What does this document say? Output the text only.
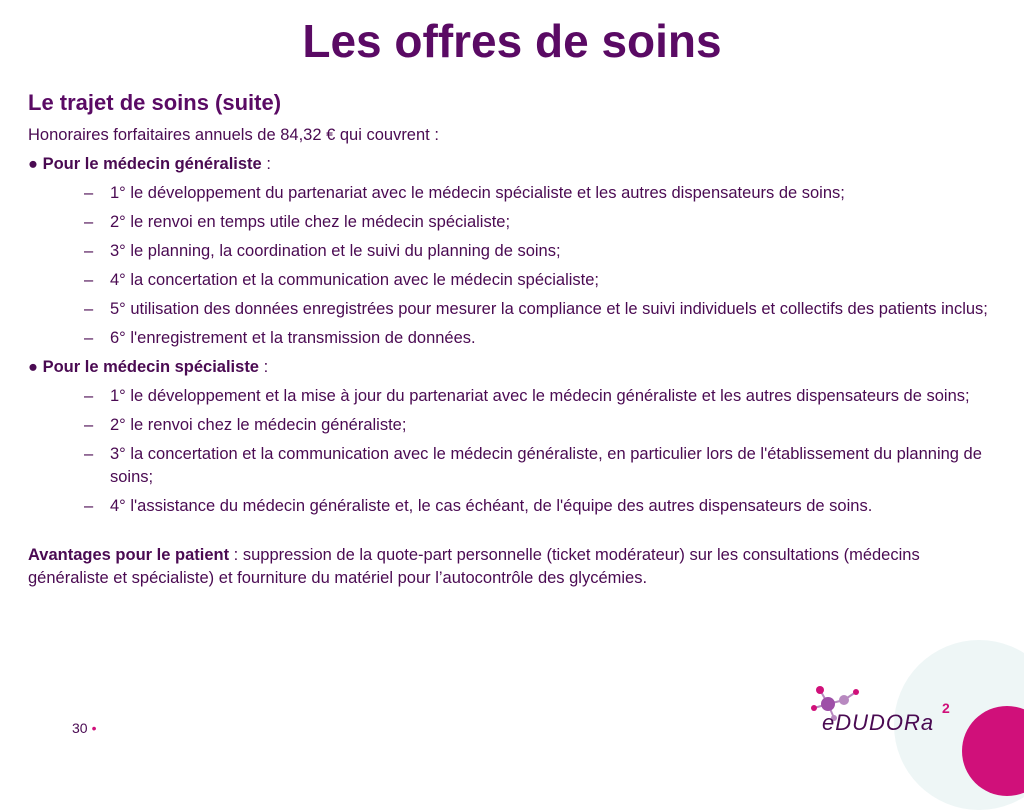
Les offres de soins
Le trajet de soins (suite)
Honoraires forfaitaires annuels de 84,32 € qui couvrent :
● Pour le médecin généraliste :
– 1° le développement du partenariat avec le médecin spécialiste et les autres dispensateurs de soins;
– 2° le renvoi en temps utile chez le médecin spécialiste;
– 3° le planning, la coordination et le suivi du planning de soins;
– 4° la concertation et la communication avec le médecin spécialiste;
– 5° utilisation des données enregistrées pour mesurer la compliance et le suivi individuels et collectifs des patients inclus;
– 6° l'enregistrement et la transmission de données.
● Pour le médecin spécialiste :
– 1° le développement et la mise à jour du partenariat avec le médecin généraliste et les autres dispensateurs de soins;
– 2° le renvoi chez le médecin généraliste;
– 3° la concertation et la communication avec le médecin généraliste, en particulier lors de l'établissement du planning de soins;
– 4° l'assistance du médecin généraliste et, le cas échéant, de l'équipe des autres dispensateurs de soins.
Avantages pour le patient : suppression de la quote-part personnelle (ticket modérateur) sur les consultations (médecins généraliste et spécialiste) et fourniture du matériel pour l’autocontrôle des glycémies.
30 •	eDUDORa
2
